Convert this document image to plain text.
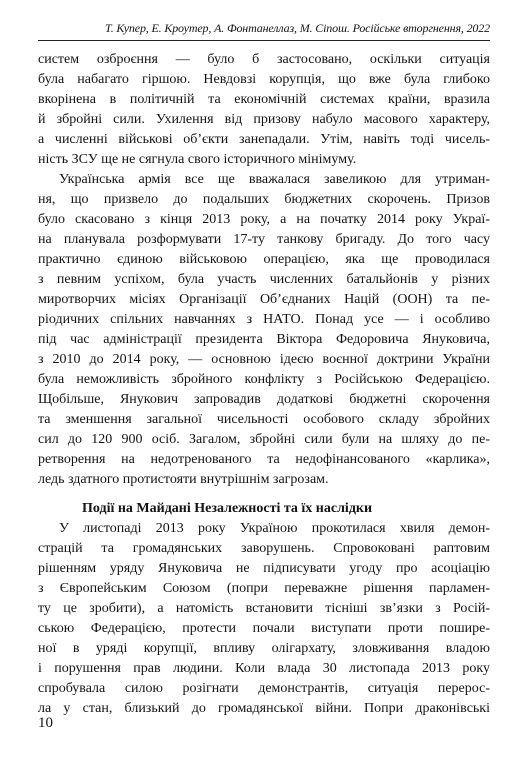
Т. Купер, Е. Кроутер, А. Фонтанеллаз, М. Сіпош. Російське вторгнення, 2022
систем озброєння — було б застосовано, оскільки ситуація
була набагато гіршою. Невдовзі корупція, що вже була глибоко
вкорінена в політичній та економічній системах країни, вразила
й збройні сили. Ухилення від призову набуло масового характеру,
а численні військові об’єкти занепадали. Утім, навіть тоді чисель-
ність ЗСУ ще не сягнула свого історичного мінімуму.
Українська армія все ще вважалася завеликою для утриман-
ня, що призвело до подальших бюджетних скорочень. Призов
було скасовано з кінця 2013 року, а на початку 2014 року Украї-
на планувала розформувати 17-ту танкову бригаду. До того часу
практично єдиною військовою операцією, яка ще проводилася
з певним успіхом, була участь численних батальйонів у різних
миротворчих місіях Організації Об’єднаних Націй (ООН) та пе-
ріодичних спільних навчаннях з НАТО. Понад усе — і особливо
під час адміністрації президента Віктора Федоровича Януковича,
з 2010 до 2014 року, — основною ідеєю воєнної доктрини України
була неможливість збройного конфлікту з Російською Федерацією.
Щобільше, Янукович запровадив додаткові бюджетні скорочення
та зменшення загальної чисельності особового складу збройних
сил до 120 900 осіб. Загалом, збройні сили були на шляху до пе-
ретворення на недотренованого та недофінансованого «карлика»,
ледь здатного протистояти внутрішнім загрозам.
Події на Майдані Незалежності та їх наслідки
У листопаді 2013 року Україною прокотилася хвиля демон-
страцій та громадянських заворушень. Спровоковані раптовим
рішенням уряду Януковича не підписувати угоду про асоціацію
з Європейським Союзом (попри переважне рішення парламен-
ту це зробити), а натомість встановити тісніші зв’язки з Росій-
ською Федерацією, протести почали виступати проти пошире-
ної в уряді корупції, впливу олігархату, зловживання владою
і порушення прав людини. Коли влада 30 листопада 2013 року
спробувала силою розігнати демонстрантів, ситуація перерос-
ла у стан, близький до громадянської війни. Попри драконівські
10
